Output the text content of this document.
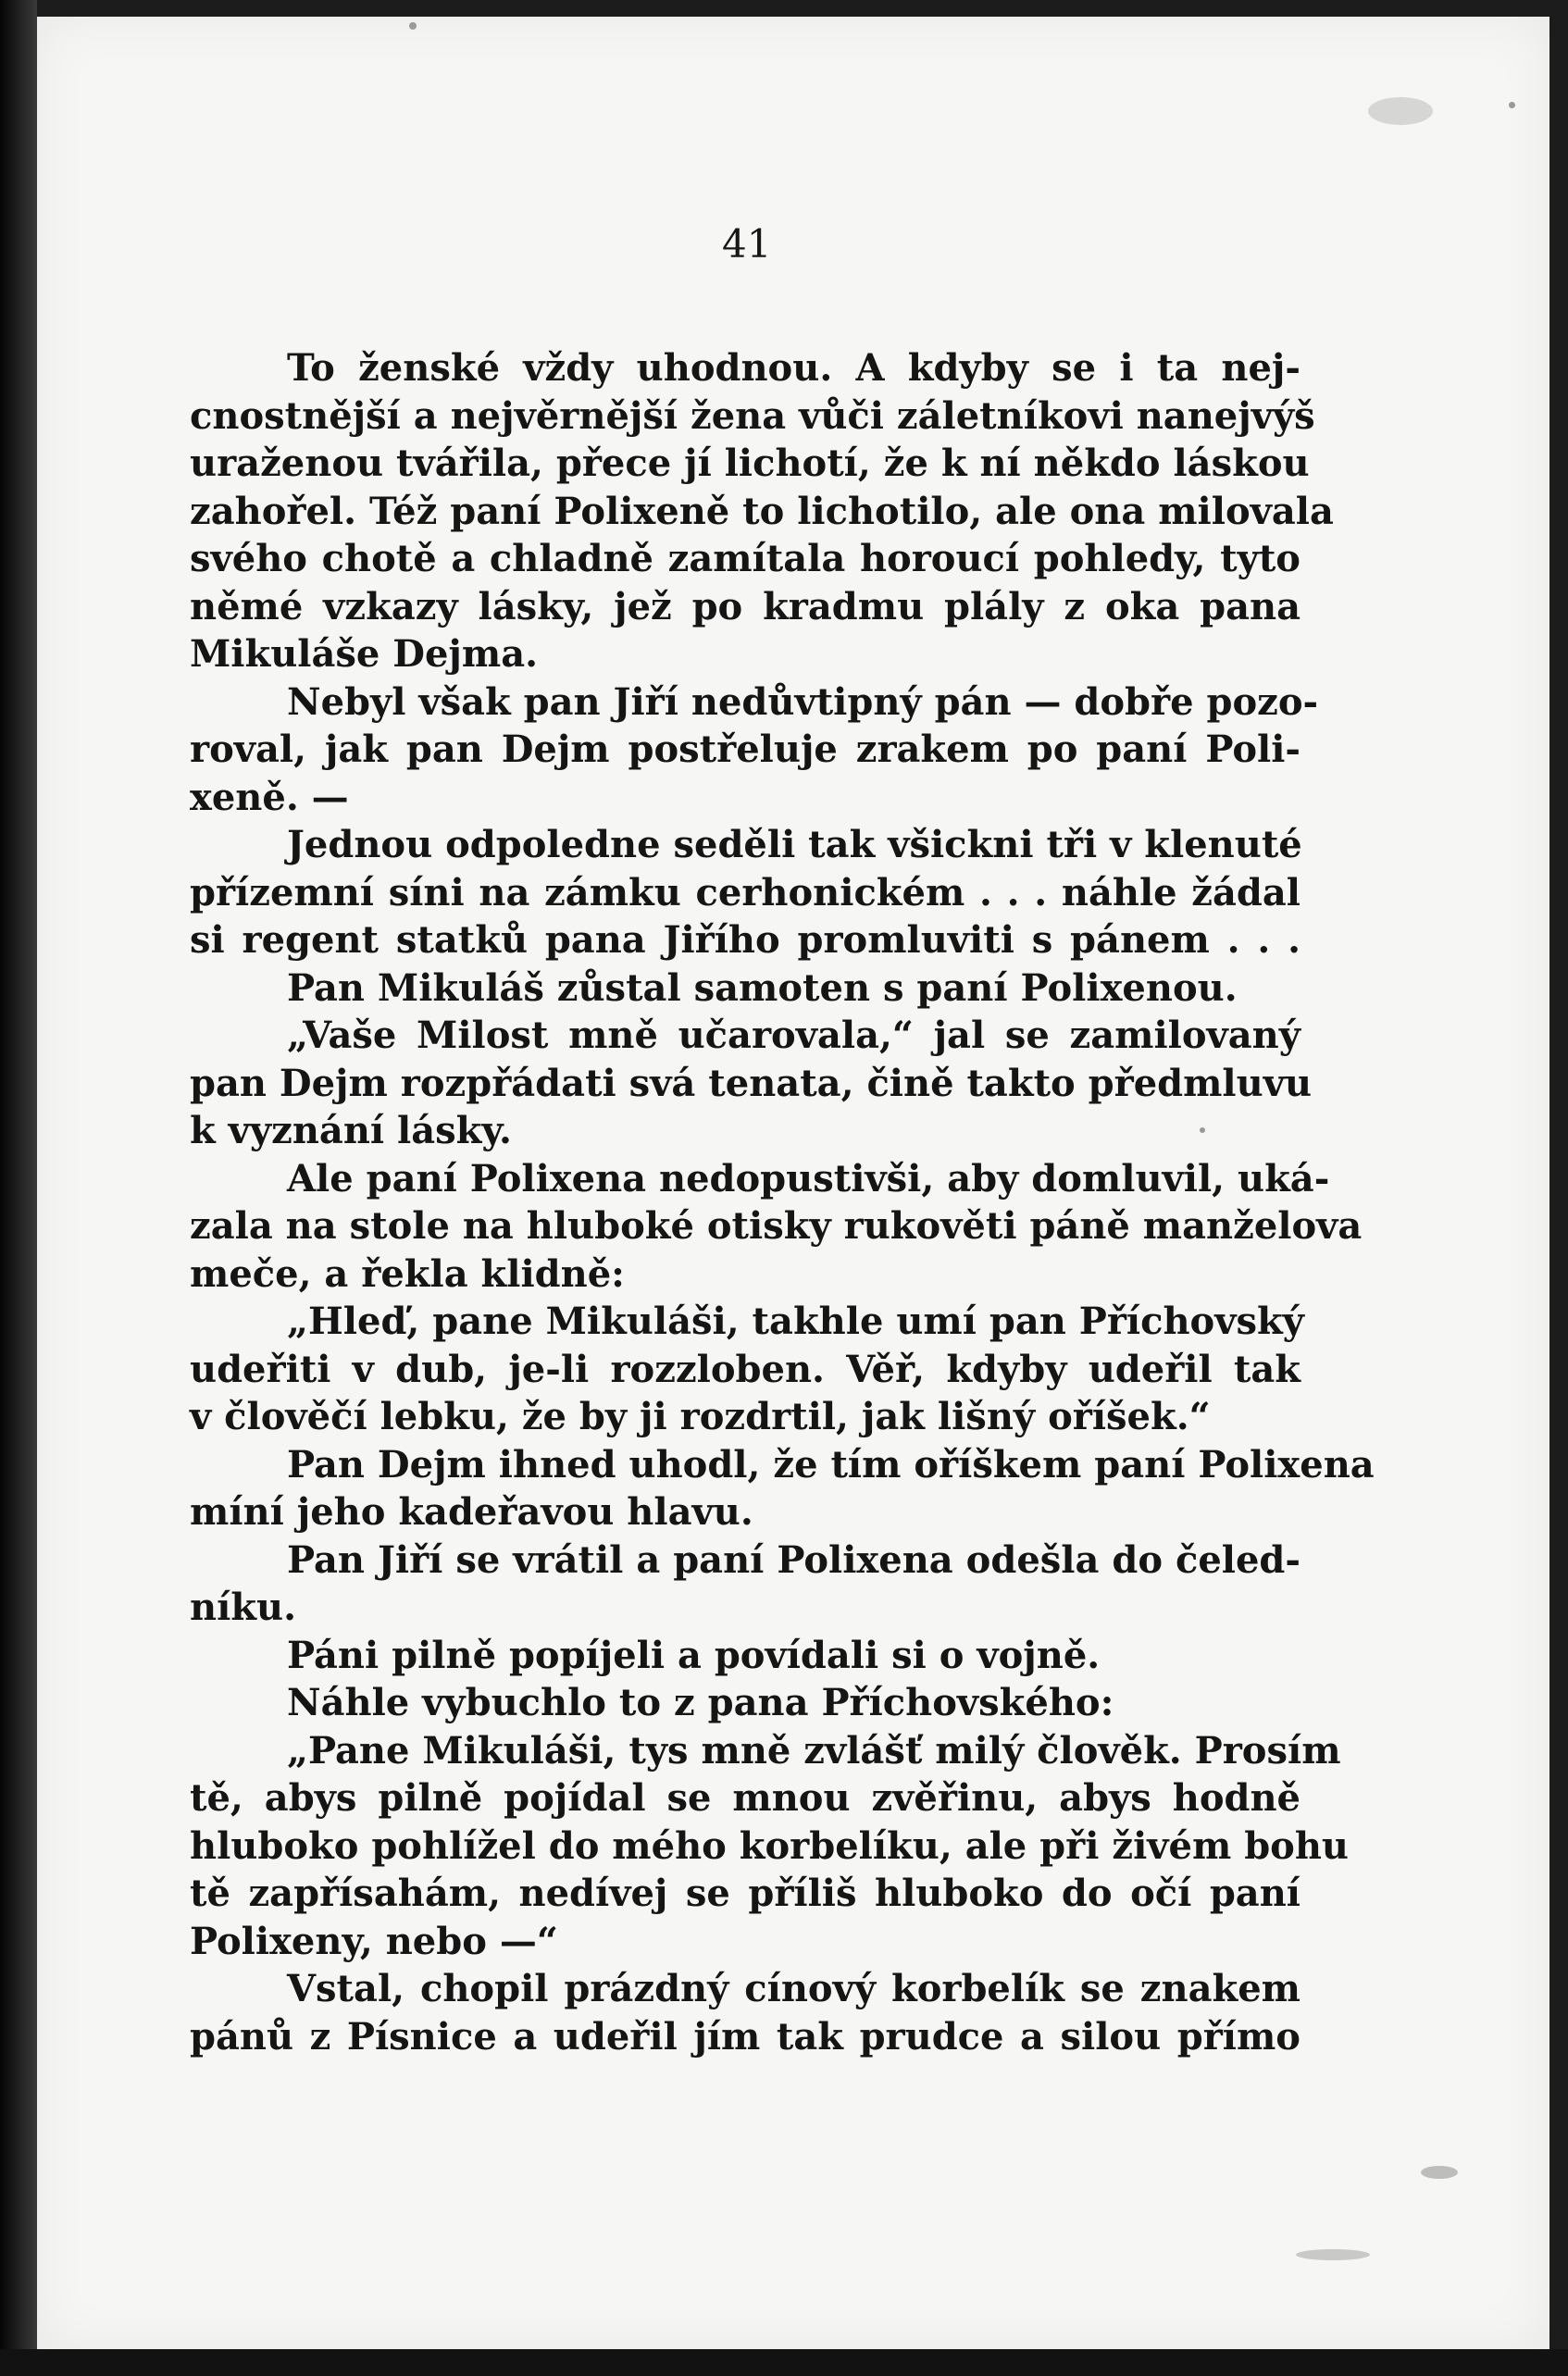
41
To ženské vždy uhodnou. A kdyby se i ta nej-
cnostnější a nejvěrnější žena vůči záletníkovi nanejvýš
uraženou tvářila, přece jí lichotí, že k ní někdo láskou
zahořel. Též paní Polixeně to lichotilo, ale ona milovala
svého chotě a chladně zamítala horoucí pohledy, tyto
němé vzkazy lásky, jež po kradmu plály z oka pana
Mikuláše Dejma.
Nebyl však pan Jiří nedůvtipný pán — dobře pozo-
roval, jak pan Dejm postřeluje zrakem po paní Poli-
xeně. —
Jednou odpoledne seděli tak všickni tři v klenuté
přízemní síni na zámku cerhonickém . . . náhle žádal
si regent statků pana Jiřího promluviti s pánem . . .
Pan Mikuláš zůstal samoten s paní Polixenou.
„Vaše Milost mně učarovala,“ jal se zamilovaný
pan Dejm rozpřádati svá tenata, čině takto předmluvu
k vyznání lásky.
Ale paní Polixena nedopustivši, aby domluvil, uká-
zala na stole na hluboké otisky rukověti páně manželova
meče, a řekla klidně:
„Hleď, pane Mikuláši, takhle umí pan Příchovský
udeřiti v dub, je-li rozzloben. Věř, kdyby udeřil tak
v člověčí lebku, že by ji rozdrtil, jak lišný oříšek.“
Pan Dejm ihned uhodl, že tím oříškem paní Polixena
míní jeho kadeřavou hlavu.
Pan Jiří se vrátil a paní Polixena odešla do čeled-
níku.
Páni pilně popíjeli a povídali si o vojně.
Náhle vybuchlo to z pana Příchovského:
„Pane Mikuláši, tys mně zvlášť milý člověk. Prosím
tě, abys pilně pojídal se mnou zvěřinu, abys hodně
hluboko pohlížel do mého korbelíku, ale při živém bohu
tě zapřísahám, nedívej se příliš hluboko do očí paní
Polixeny, nebo —“
Vstal, chopil prázdný cínový korbelík se znakem
pánů z Písnice a udeřil jím tak prudce a silou přímo
